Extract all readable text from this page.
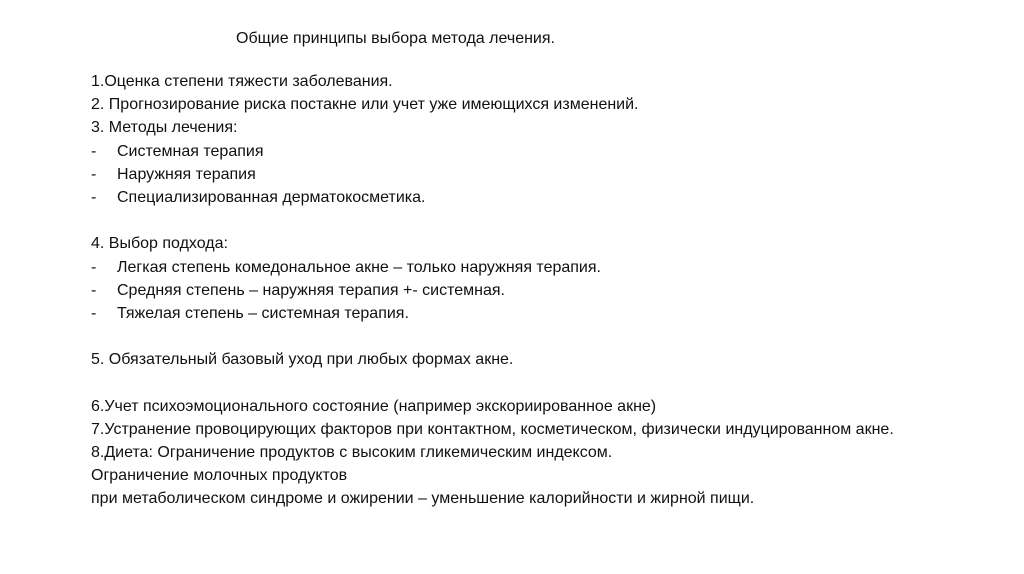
Общие принципы выбора метода лечения.
1.Оценка степени тяжести заболевания.
2. Прогнозирование риска постакне или учет уже имеющихся изменений.
3. Методы лечения:
-	Системная терапия
-	Наружняя терапия
-	Специализированная дерматокосметика.
4. Выбор подхода:
-	Легкая степень комедональное акне – только наружняя терапия.
-	Средняя степень – наружняя терапия +- системная.
-	Тяжелая степень – системная терапия.
5. Обязательный базовый уход при любых формах акне.
6.Учет психоэмоционального состояние (например экскориированное акне)
7.Устранение провоцирующих факторов при контактном, косметическом, физически индуцированном акне.
8.Диета: Ограничение продуктов с высоким гликемическим индексом.
Ограничение молочных продуктов
при метаболическом синдроме и ожирении – уменьшение калорийности и жирной пищи.
